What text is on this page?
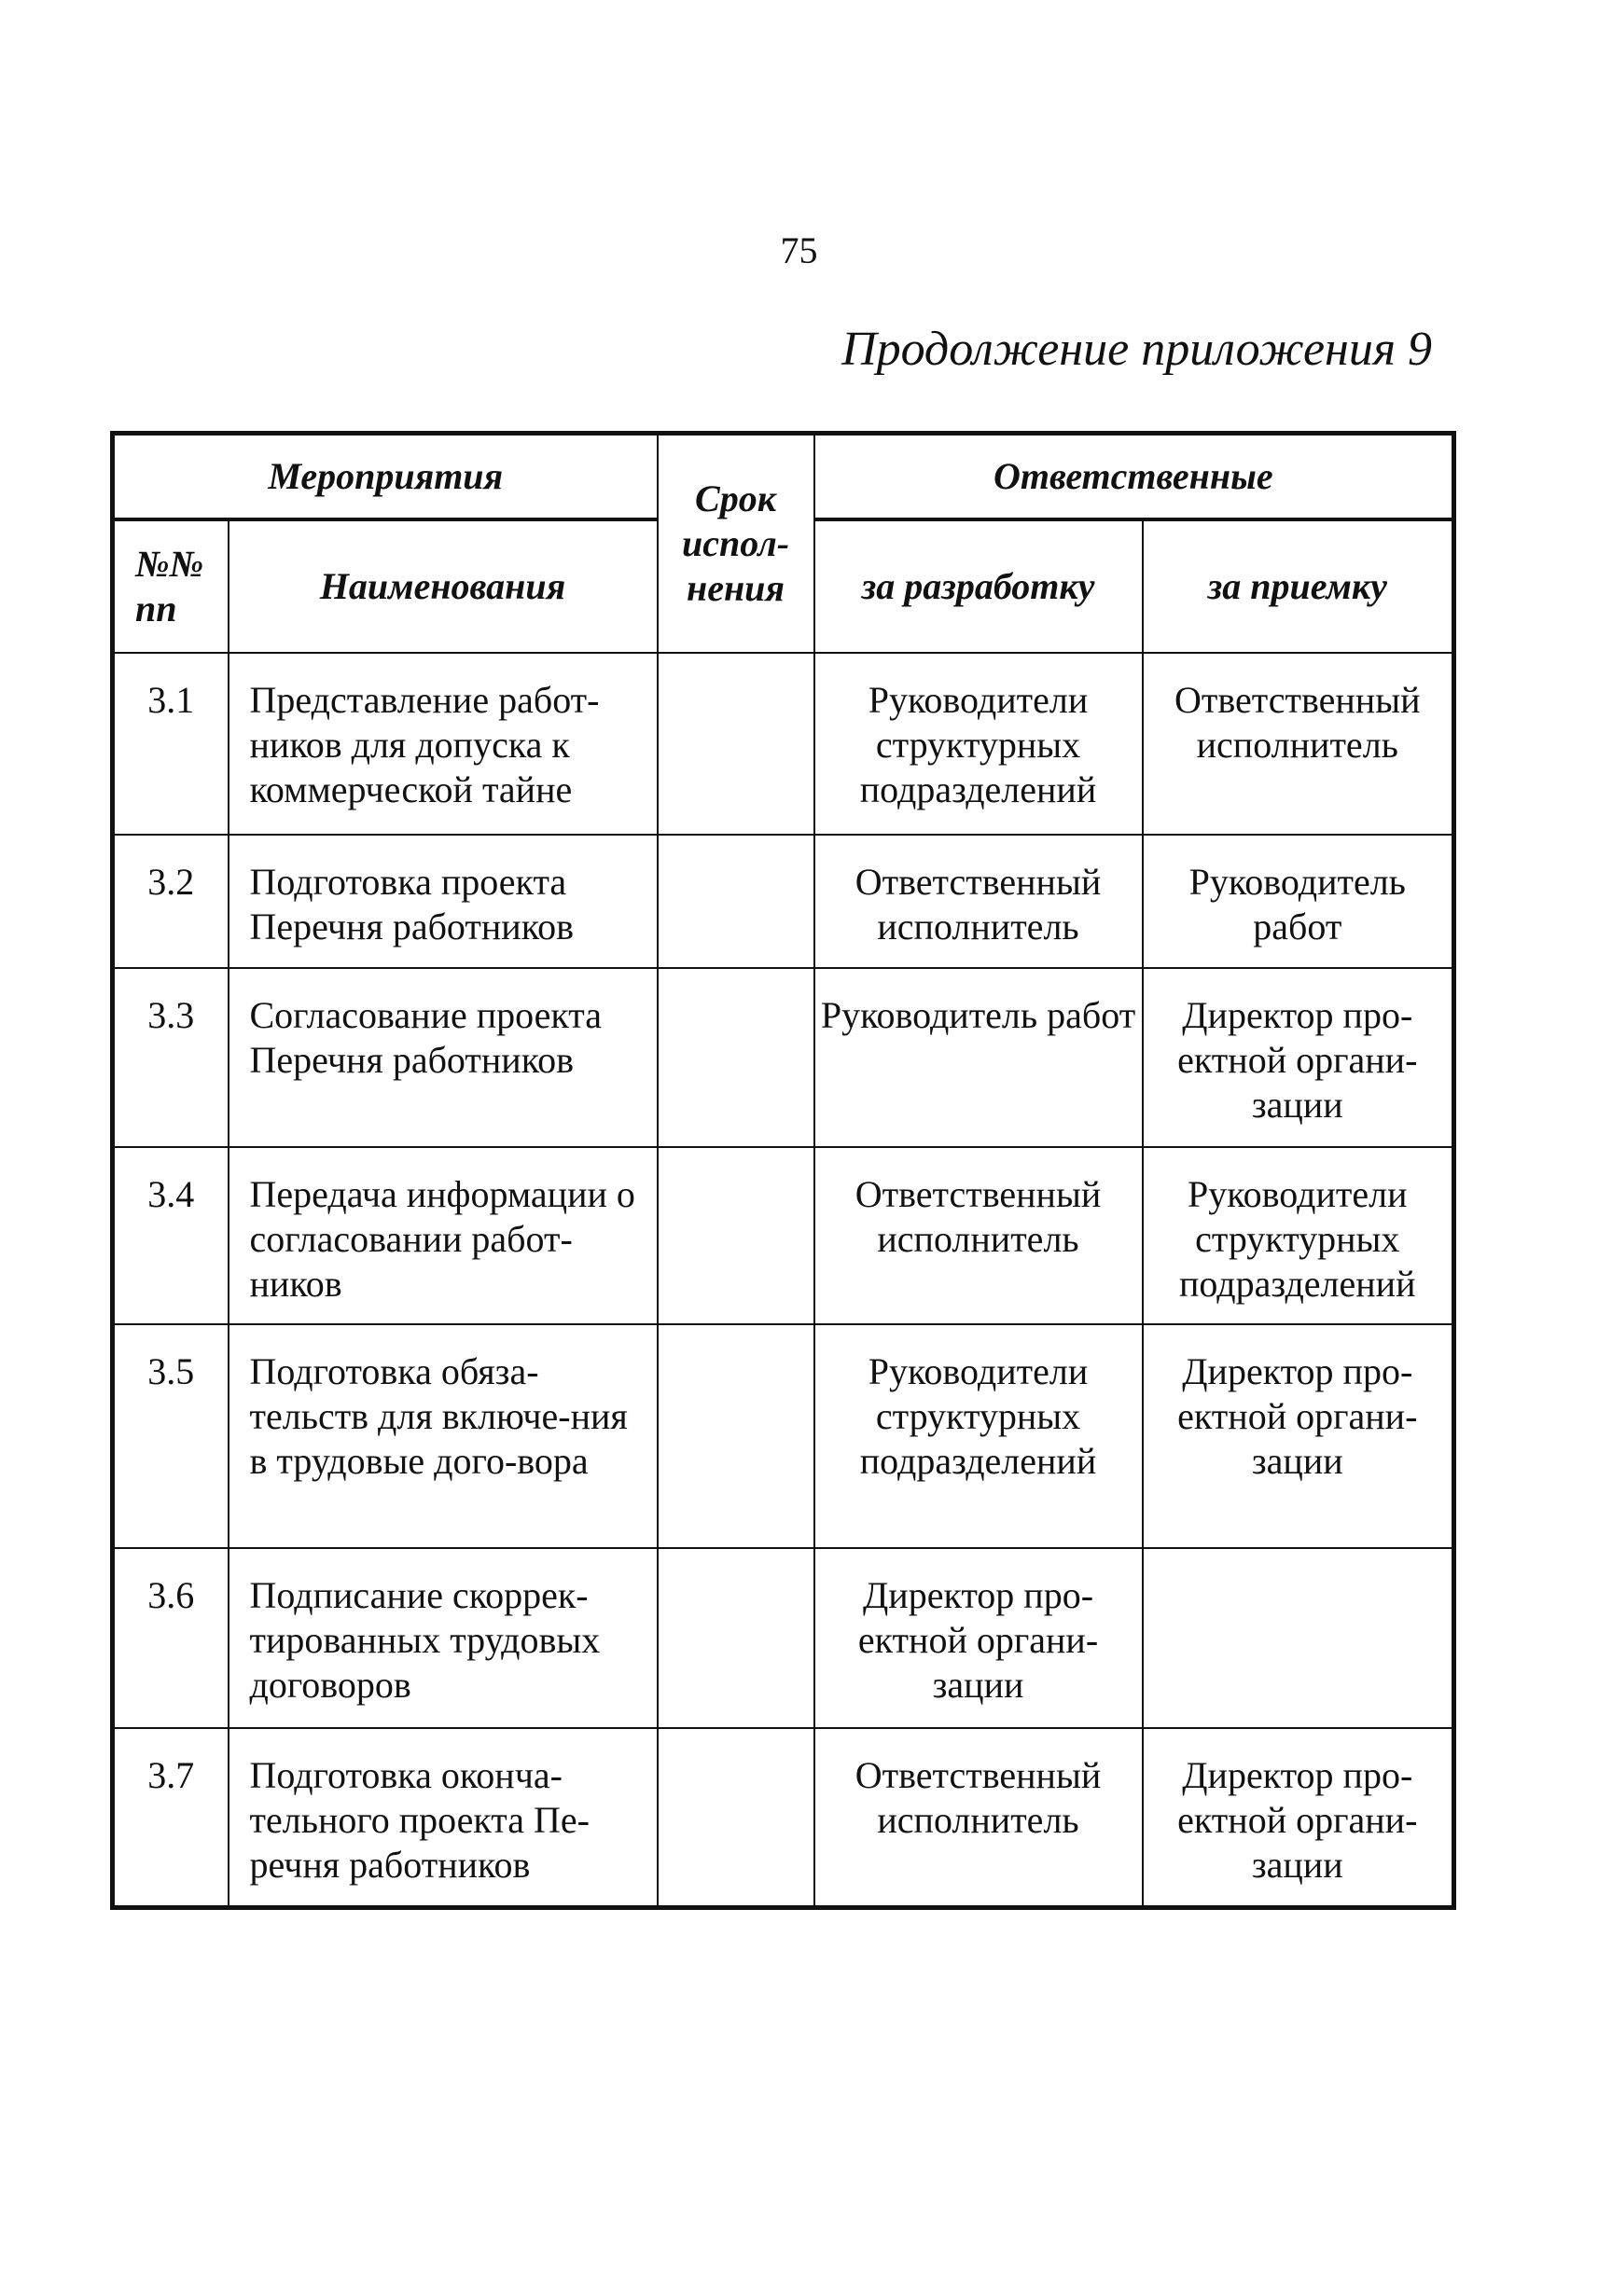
75
Продолжение приложения 9
Мероприятия		Срок испол-нения	Ответственные	
№№ пп	Наименования		за разработку	за приемку
3.1	Представление работ-ников для допуска к коммерческой тайне		Руководители структурных подразделений	Ответственный исполнитель
3.2	Подготовка проекта Перечня работников		Ответственный исполнитель	Руководитель работ
3.3	Согласование проекта Перечня работников		Руководитель работ	Директор про-ектной органи-зации
3.4	Передача информации о согласовании работ-ников		Ответственный исполнитель	Руководители структурных подразделений
3.5	Подготовка обяза-тельств для включе-ния в трудовые дого-вора		Руководители структурных подразделений	Директор про-ектной органи-зации
3.6	Подписание скоррек-тированных трудовых договоров		Директор про-ектной органи-зации	
3.7	Подготовка оконча-тельного проекта Пе-речня работников		Ответственный исполнитель	Директор про-ектной органи-зации
